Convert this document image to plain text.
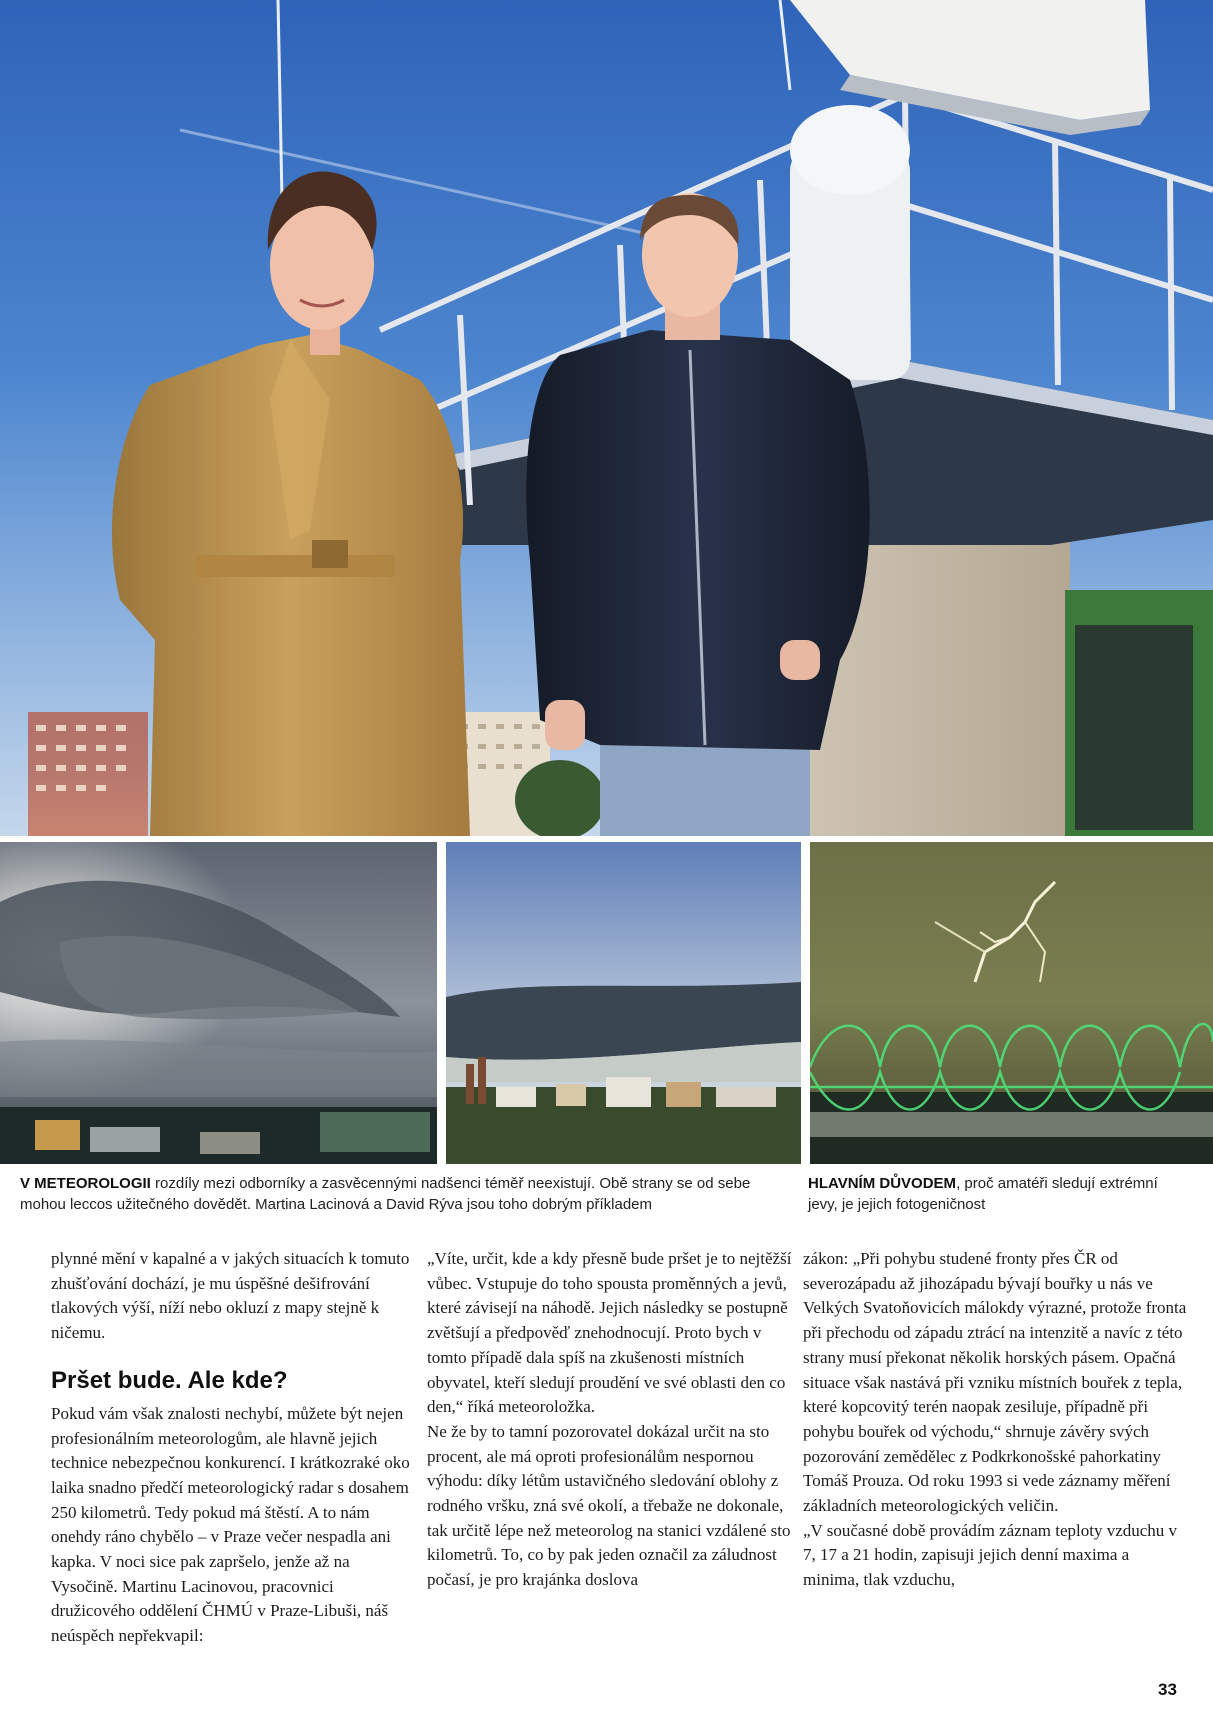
V METEOROLOGII rozdíly mezi odborníky a zasvěcennými nadšenci téměř neexistují. Obě strany se od sebe mohou leccos užitečného dovědět. Martina Lacinová a David Rýva jsou toho dobrým příkladem
HLAVNÍM DŮVODEM, proč amatéři sledují extrémní jevy, je jejich fotogeničnost

plynné mění v kapalné a v jakých situacích k tomuto zhušťování dochází, je mu úspěšné dešifrování tlakových výší, níží nebo okluzí z mapy stejně k ničemu.

Pršet bude. Ale kde?

Pokud vám však znalosti nechybí, můžete být nejen profesionálním meteorologům, ale hlavně jejich technice nebezpečnou konkurencí. I krátkozraké oko laika snadno předčí meteorologický radar s dosahem 250 kilometrů. Tedy pokud má štěstí. A to nám onehdy ráno chybělo – v Praze večer nespadla ani kapka. V noci sice pak zapršelo, jenže až na Vysočině. Martinu Lacinovou, pracovnici družicového oddělení ČHMÚ v Praze-Libuši, náš neúspěch nepřekvapil:

„Víte, určit, kde a kdy přesně bude pršet je to nejtěžší vůbec. Vstupuje do toho spousta proměnných a jevů, které závisejí na náhodě. Jejich následky se postupně zvětšují a předpověď znehodnocují. Proto bych v tomto případě dala spíš na zkušenosti místních obyvatel, kteří sledují proudění ve své oblasti den co den,“ říká meteoroložka.

Ne že by to tamní pozorovatel dokázal určit na sto procent, ale má oproti profesionálům nespornou výhodu: díky létům ustavičného sledování oblohy z rodného vršku, zná své okolí, a třebaže ne dokonale, tak určitě lépe než meteorolog na stanici vzdálené sto kilometrů. To, co by pak jeden označil za záludnost počasí, je pro krajánka doslova

zákon: „Při pohybu studené fronty přes ČR od severozápadu až jihozápadu bývají bouřky u nás ve Velkých Svatoňovicích málokdy výrazné, protože fronta při přechodu od západu ztrácí na intenzitě a navíc z této strany musí překonat několik horských pásem. Opačná situace však nastává při vzniku místních bouřek z tepla, které kopcovitý terén naopak zesiluje, případně při pohybu bouřek od východu,“ shrnuje závěry svých pozorování zemědělec z Podkrkonošské pahorkatiny Tomáš Prouza. Od roku 1993 si vede záznamy měření základních meteorologických veličin.

„V současné době provádím záznam teploty vzduchu v 7, 17 a 21 hodin, zapisuji jejich denní maxima a minima, tlak vzduchu,

33
